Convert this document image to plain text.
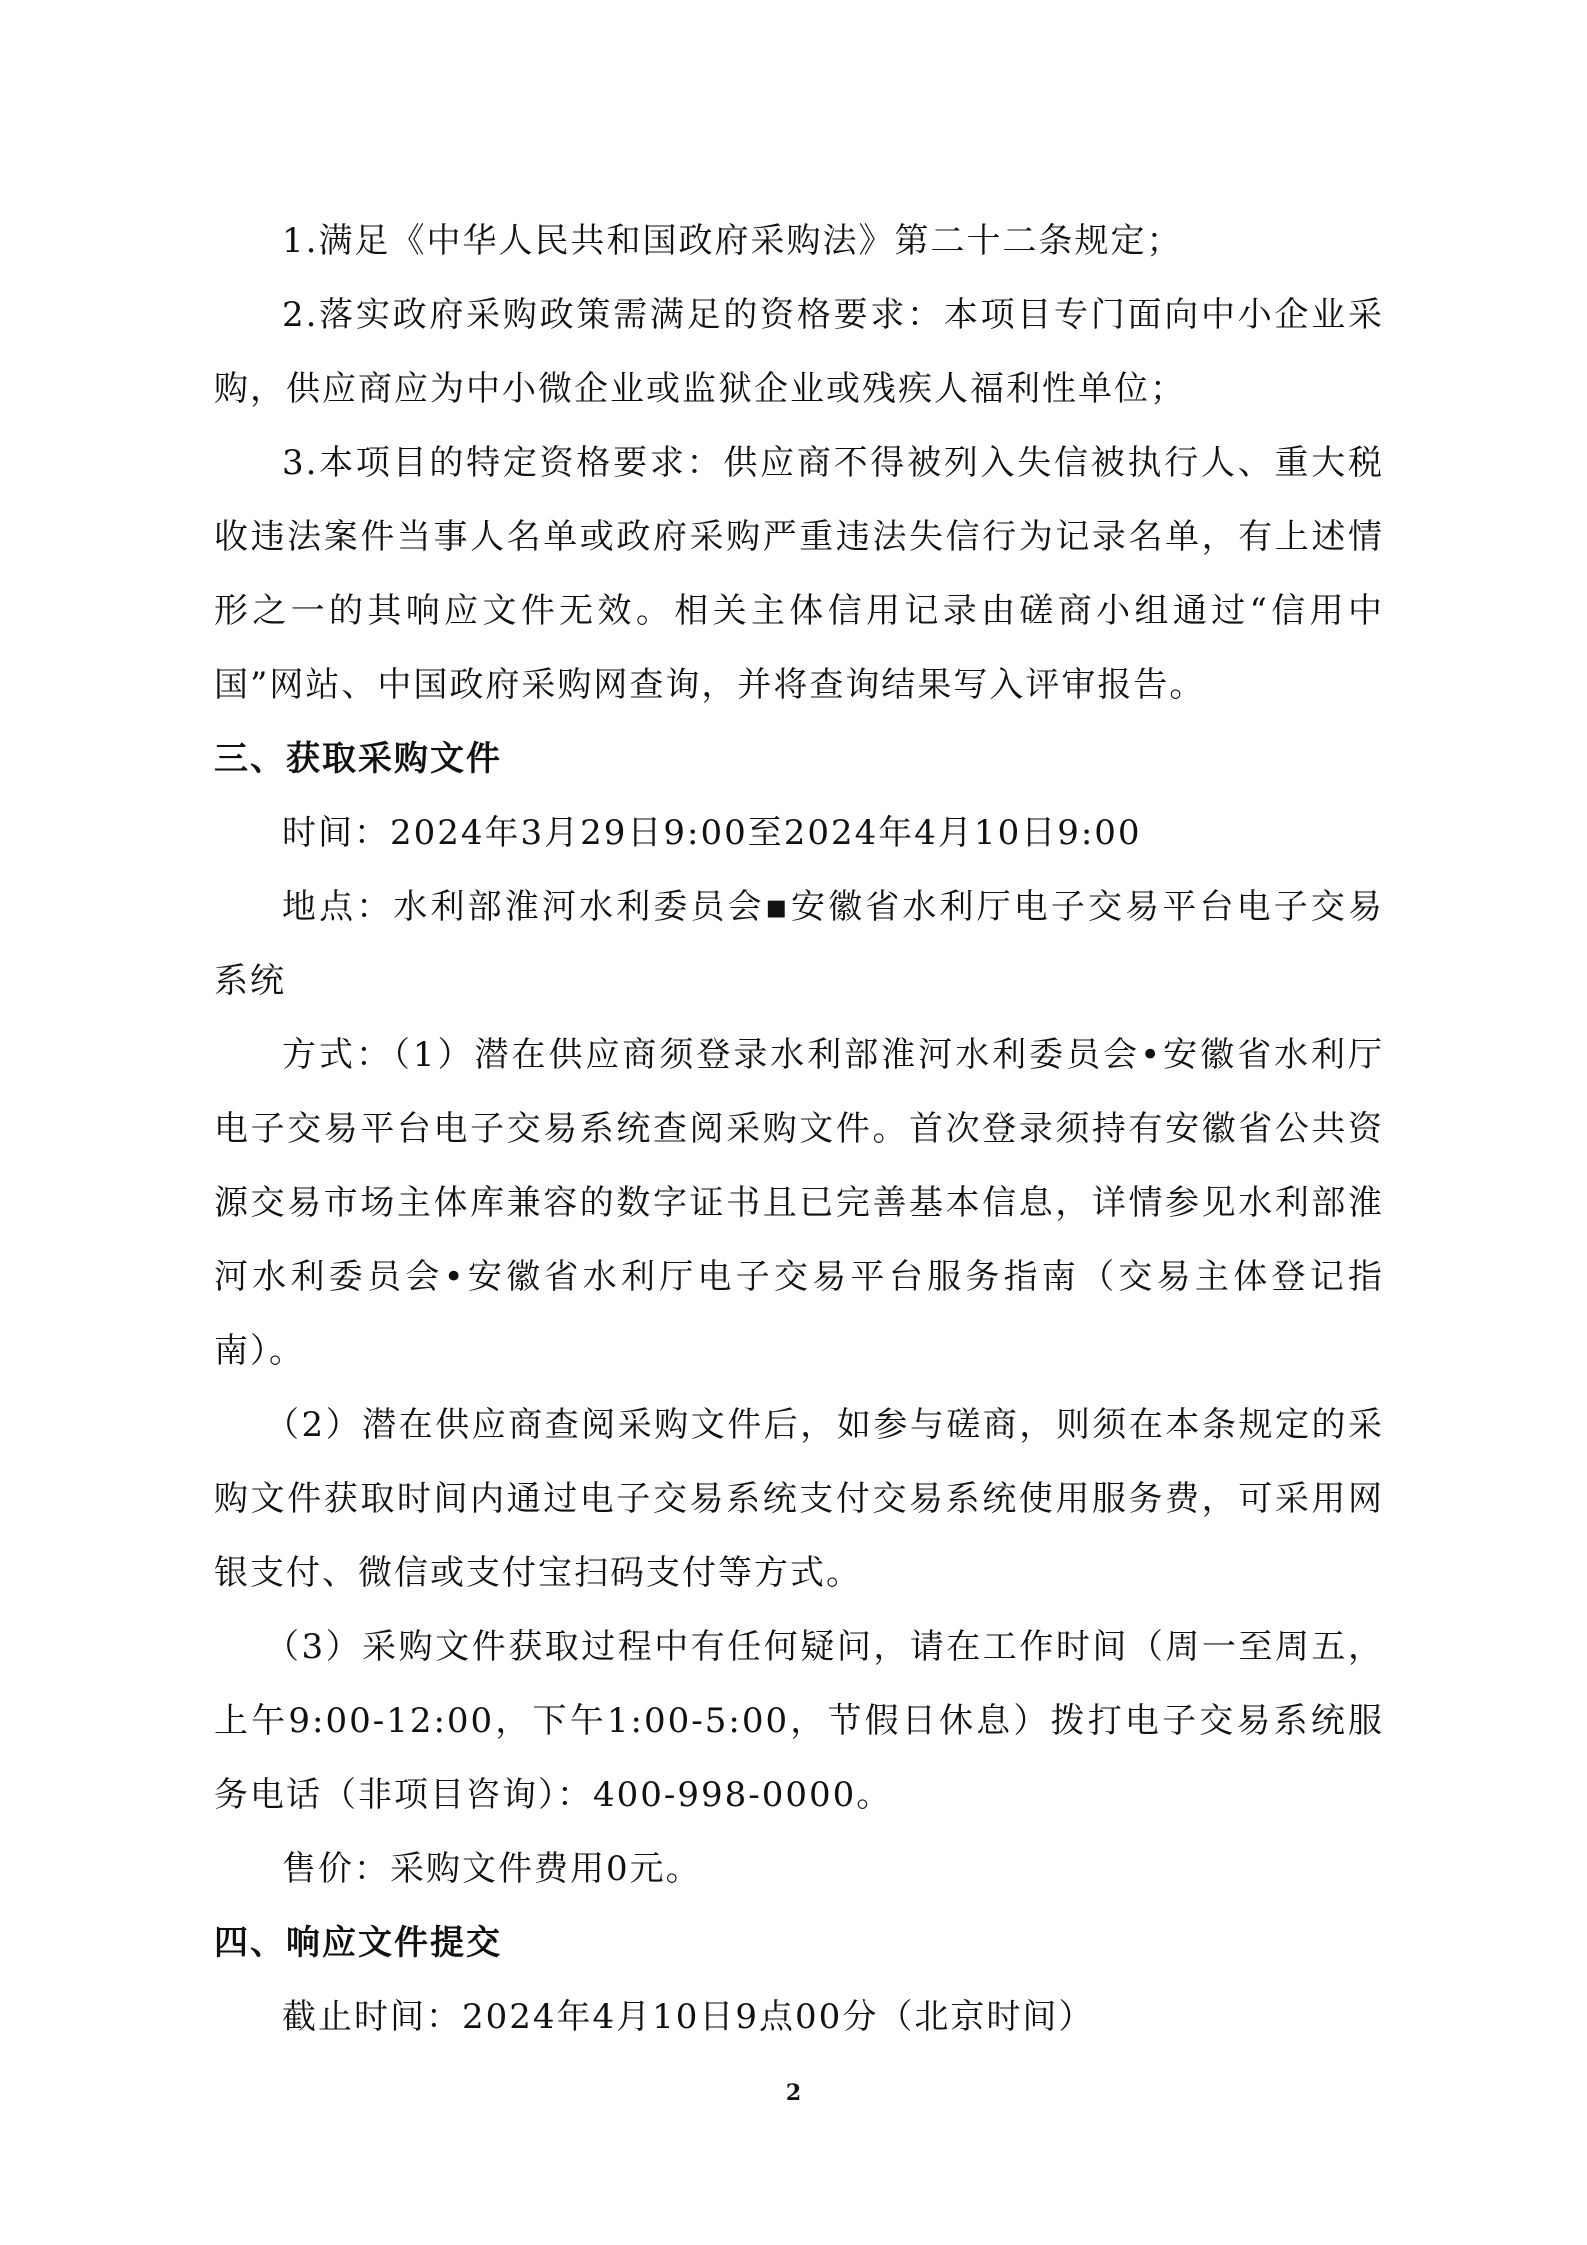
1.满足《中华人民共和国政府采购法》第二十二条规定；

2.落实政府采购政策需满足的资格要求：本项目专门面向中小企业采购，供应商应为中小微企业或监狱企业或残疾人福利性单位；

3.本项目的特定资格要求：供应商不得被列入失信被执行人、重大税收违法案件当事人名单或政府采购严重违法失信行为记录名单，有上述情形之一的其响应文件无效。相关主体信用记录由磋商小组通过“信用中国”网站、中国政府采购网查询，并将查询结果写入评审报告。

三、获取采购文件

时间：2024年3月29日9:00至2024年4月10日9:00

地点：水利部淮河水利委员会▪安徽省水利厅电子交易平台电子交易系统

方式：（1）潜在供应商须登录水利部淮河水利委员会•安徽省水利厅电子交易平台电子交易系统查阅采购文件。首次登录须持有安徽省公共资源交易市场主体库兼容的数字证书且已完善基本信息，详情参见水利部淮河水利委员会•安徽省水利厅电子交易平台服务指南（交易主体登记指南）。

（2）潜在供应商查阅采购文件后，如参与磋商，则须在本条规定的采购文件获取时间内通过电子交易系统支付交易系统使用服务费，可采用网银支付、微信或支付宝扫码支付等方式。

（3）采购文件获取过程中有任何疑问，请在工作时间（周一至周五，上午9:00-12:00，下午1:00-5:00，节假日休息）拨打电子交易系统服务电话（非项目咨询）：400-998-0000。

售价：采购文件费用0元。

四、响应文件提交

截止时间：2024年4月10日9点00分（北京时间）

2
